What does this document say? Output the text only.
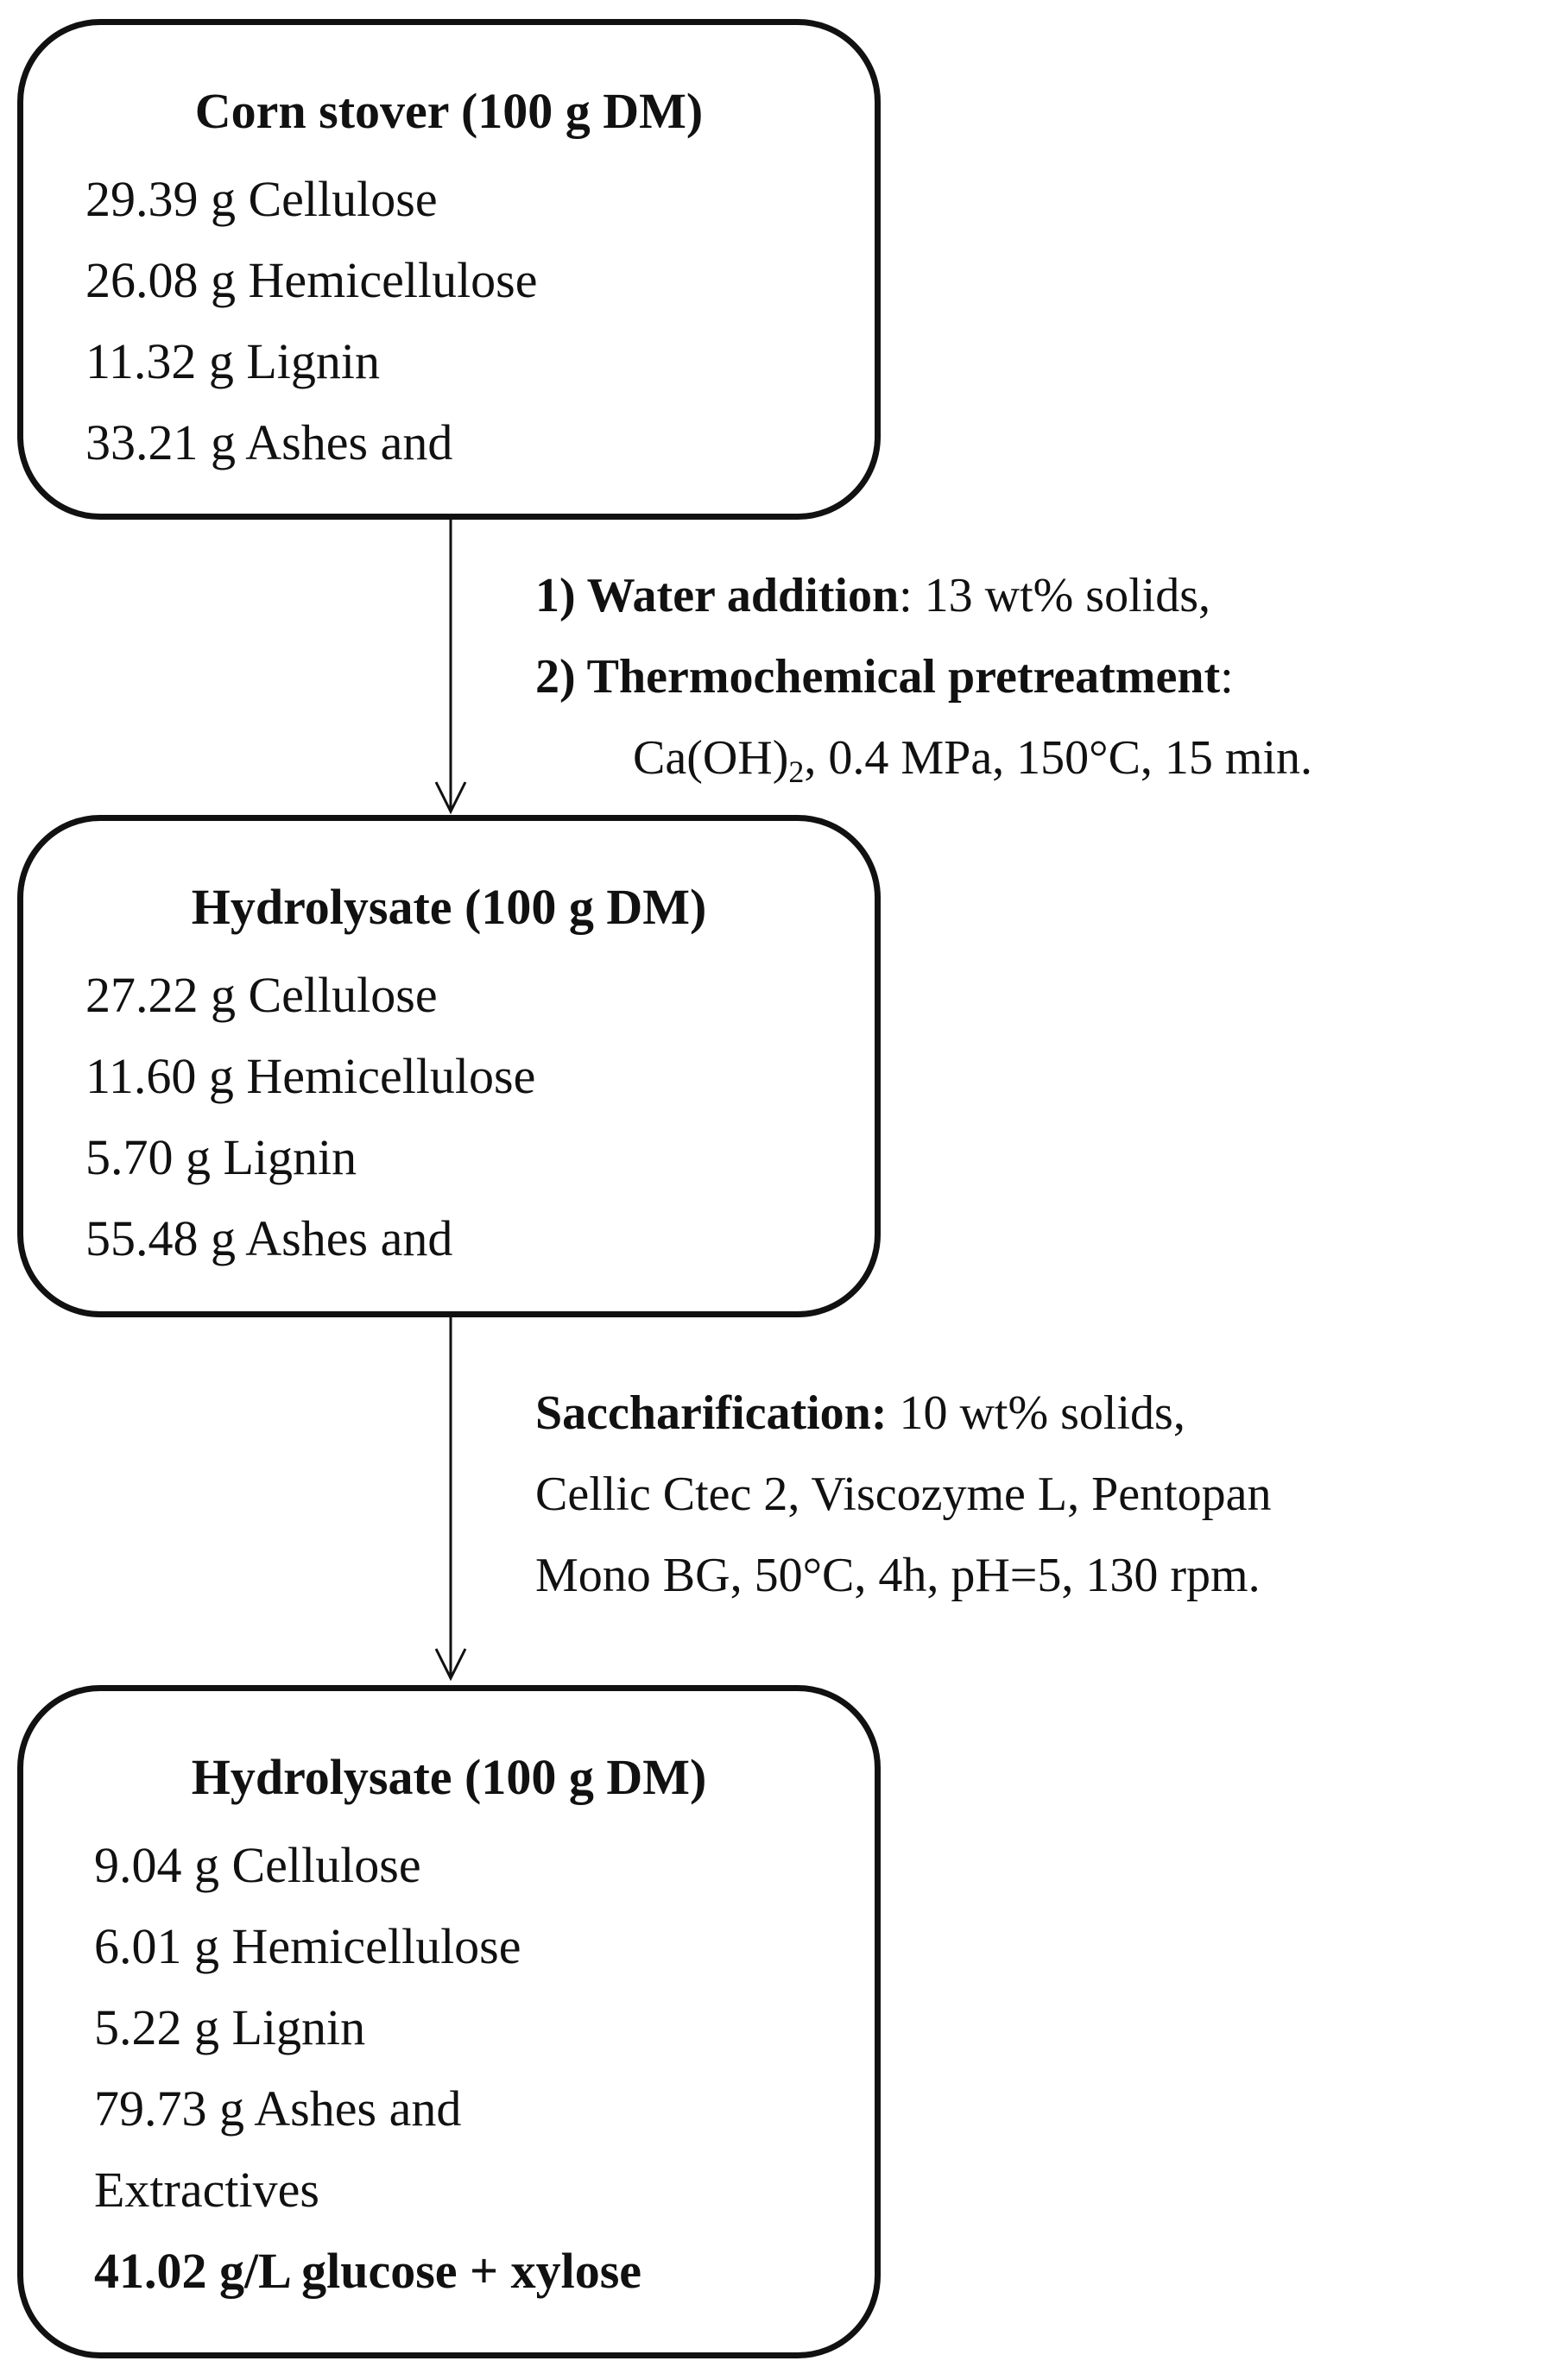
Corn stover (100 g DM)
29.39 g Cellulose
26.08 g Hemicellulose
11.32 g Lignin
33.21 g Ashes and
1) Water addition: 13 wt% solids,
2) Thermochemical pretreatment:
$Ca(OH)_2$, 0.4 MPa, 150°C, 15 min.
Hydrolysate (100 g DM)
27.22 g Cellulose
11.60 g Hemicellulose
5.70 g Lignin
55.48 g Ashes and
Saccharification: 10 wt% solids,
Cellic Ctec 2, Viscozyme L, Pentopan
Mono BG, 50°C, 4h, pH=5, 130 rpm.
Hydrolysate (100 g DM)
9.04 g Cellulose
6.01 g Hemicellulose
5.22 g Lignin
79.73 g Ashes and
Extractives
41.02 g/L glucose + xylose
